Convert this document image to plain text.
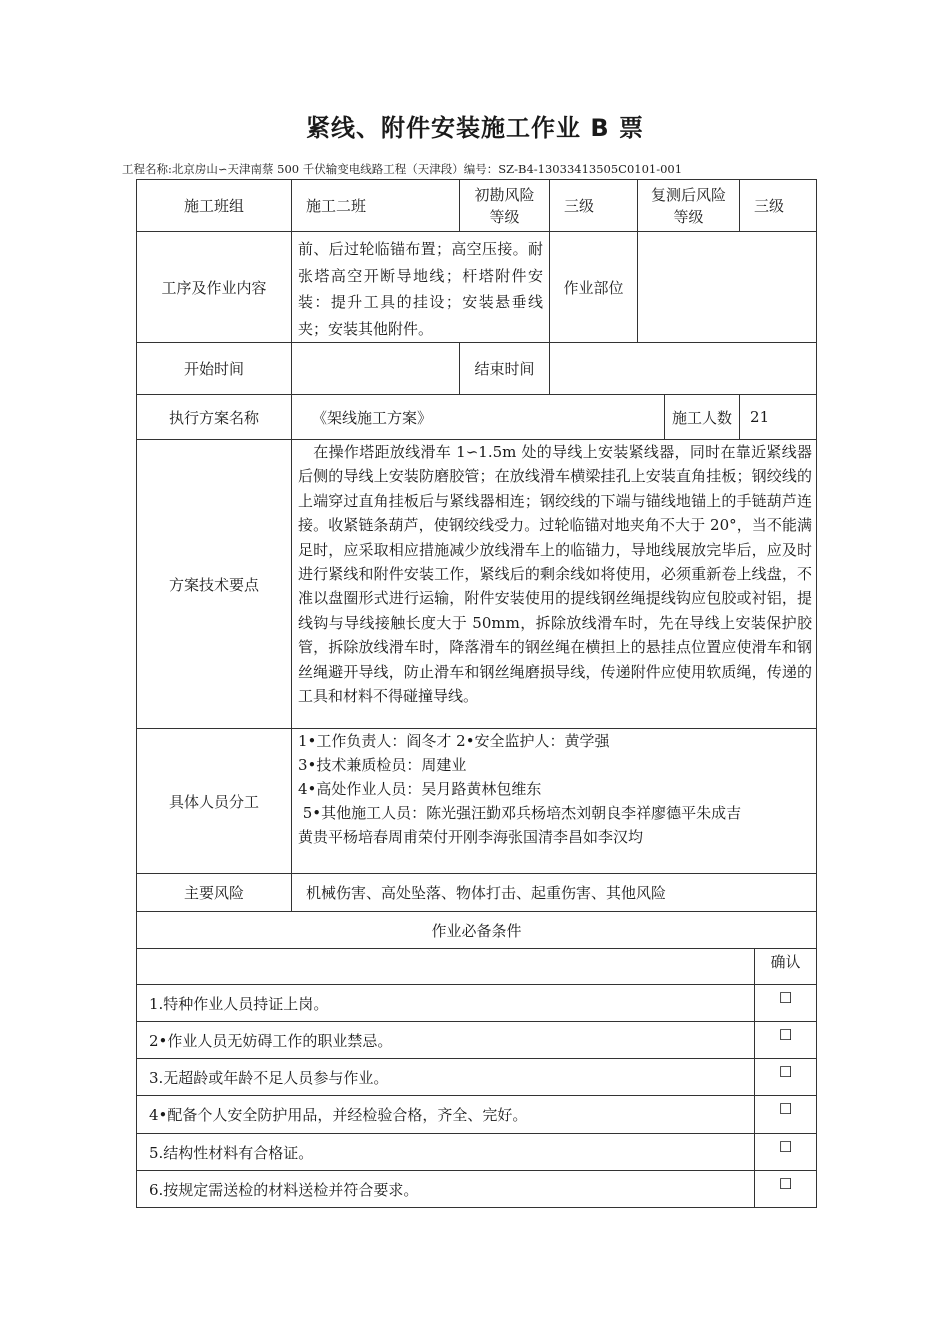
紧线、附件安装施工作业 B 票
工程名称:北京房山∽天津南蔡 500 千伏输变电线路工程（天津段）编号：SZ-B4-13033413505C0101-001
施工班组	施工二班	初勘风险等级	三级	复测后风险等级		三级	
工序及作业内容	前、后过轮临锚布置；高空压接。耐张塔高空开断导地线；杆塔附件安装：提升工具的挂设；安装悬垂线夹；安装其他附件。		作业部位				
开始时间		结束时间					
执行方案名称	《架线施工方案》				施工人数	21	
方案技术要点	　在操作塔距放线滑车 1∽1.5m 处的导线上安装紧线器，同时在靠近紧线器后侧的导线上安装防磨胶管；在放线滑车横梁挂孔上安装直角挂板；钢绞线的上端穿过直角挂板后与紧线器相连；钢绞线的下端与锚线地锚上的手链葫芦连接。收紧链条葫芦，使钢绞线受力。过轮临锚对地夹角不大于 20°，当不能满足时，应采取相应措施减少放线滑车上的临锚力，导地线展放完毕后，应及时进行紧线和附件安装工作，紧线后的剩余线如将使用，必须重新卷上线盘，不准以盘圈形式进行运输，附件安装使用的提线钢丝绳提线钩应包胶或衬铝，提线钩与导线接触长度大于 50mm，拆除放线滑车时，先在导线上安装保护胶管，拆除放线滑车时，降落滑车的钢丝绳在横担上的悬挂点位置应使滑车和钢丝绳避开导线，防止滑车和钢丝绳磨损导线，传递附件应使用软质绳，传递的工具和材料不得碰撞导线。						
具体人员分工	1•工作负责人：阎冬才 2•安全监护人：黄学强
3•技术兼质检员：周建业
4•高处作业人员：吴月路黄林包维东
5•其他施工人员：陈光强汪勤邓兵杨培杰刘朝良李祥廖德平朱成吉
黄贵平杨培春周甫荣付开刚李海张国清李昌如李汉均						

主要风险	机械伤害、高处坠落、物体打击、起重伤害、其他风险						
作业必备条件							
							确认
1.特种作业人员持证上岗。							☐
2•作业人员无妨碍工作的职业禁忌。							☐
3.无超龄或年龄不足人员参与作业。							☐
4•配备个人安全防护用品，并经检验合格，齐全、完好。							☐
5.结构性材料有合格证。							☐
6.按规定需送检的材料送检并符合要求。							☐
